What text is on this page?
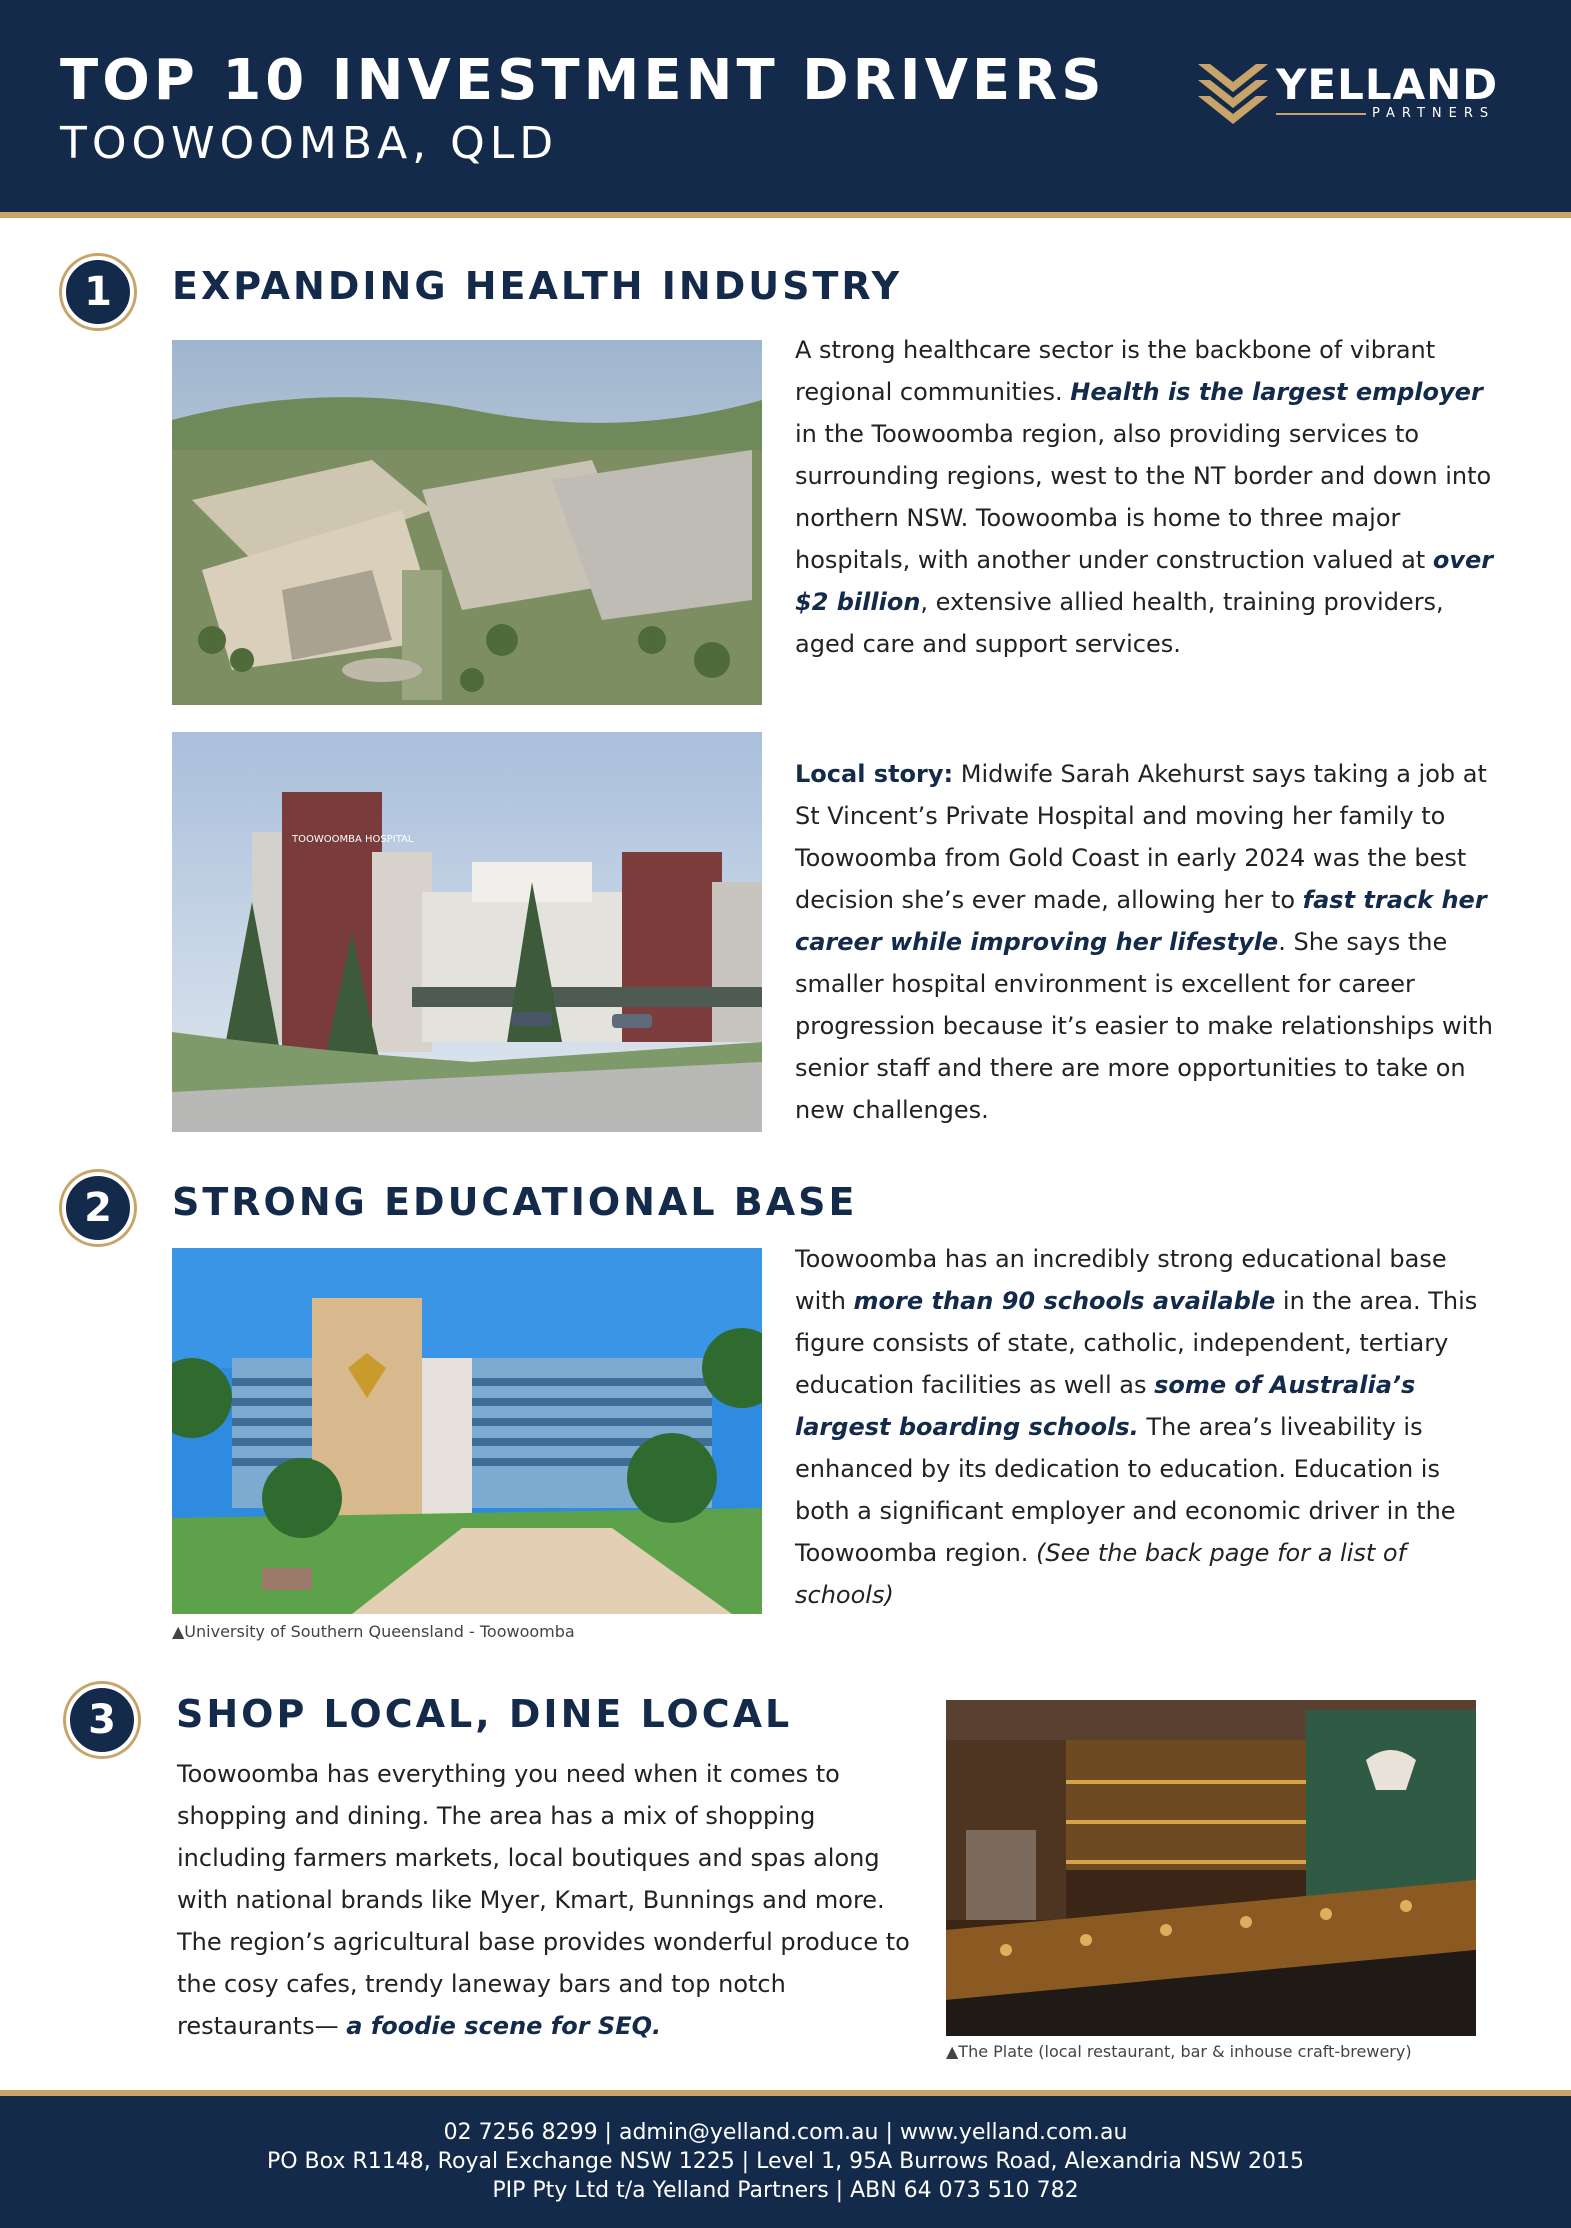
TOP 10 INVESTMENT DRIVERS
TOOWOOMBA, QLD
YELLAND
PARTNERS
1	EXPANDING HEALTH INDUSTRY
A strong healthcare sector is the backbone of vibrant regional communities. Health is the largest employer in the Toowoomba region, also providing services to surrounding regions, west to the NT border and down into northern NSW. Toowoomba is home to three major hospitals, with another under construction valued at over $2 billion, extensive allied health, training providers, aged care and support services.
TOOWOOMBA HOSPITAL
Local story: Midwife Sarah Akehurst says taking a job at St Vincent’s Private Hospital and moving her family to Toowoomba from Gold Coast in early 2024 was the best decision she’s ever made, allowing her to fast track her career while improving her lifestyle. She says the smaller hospital environment is excellent for career progression because it’s easier to make relationships with senior staff and there are more opportunities to take on new challenges.
2	STRONG EDUCATIONAL BASE
▲University of Southern Queensland - Toowoomba
Toowoomba has an incredibly strong educational base with more than 90 schools available in the area. This figure consists of state, catholic, independent, tertiary education facilities as well as some of Australia’s largest boarding schools. The area’s liveability is enhanced by its dedication to education. Education is both a significant employer and economic driver in the Toowoomba region. (See the back page for a list of schools)
3	SHOP LOCAL, DINE LOCAL
Toowoomba has everything you need when it comes to shopping and dining. The area has a mix of shopping including farmers markets, local boutiques and spas along with national brands like Myer, Kmart, Bunnings and more. The region’s agricultural base provides wonderful produce to the cosy cafes, trendy laneway bars and top notch restaurants— a foodie scene for SEQ.
▲The Plate (local restaurant, bar & inhouse craft-brewery)
02 7256 8299 | admin@yelland.com.au | www.yelland.com.au
PO Box R1148, Royal Exchange NSW 1225 | Level 1, 95A Burrows Road, Alexandria NSW 2015
PIP Pty Ltd t/a Yelland Partners | ABN 64 073 510 782
